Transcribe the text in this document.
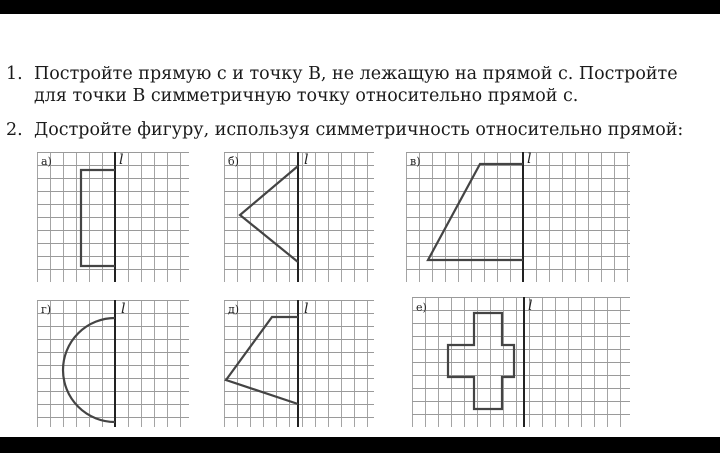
1. Постройте прямую с и точку В, не лежащую на прямой с. Постройте
для точки В симметричную точку относительно прямой с.
2. Достройте фигуру, используя симметричность относительно прямой:
а)	l	б)	l	в)	l
г)	l	д)	l	е)	l
